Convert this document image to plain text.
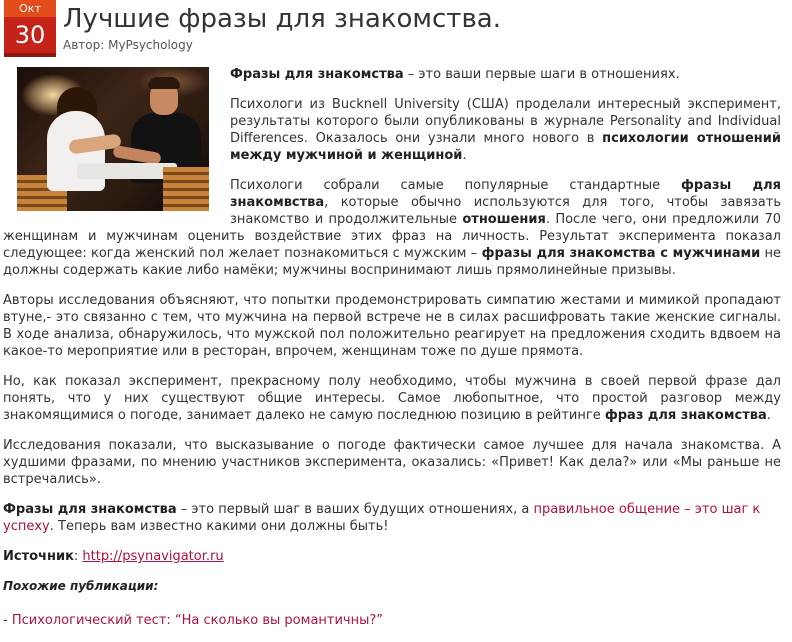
Окт
30
Лучшие фразы для знакомства.
Автор: MyPsychology

Фразы для знакомства – это ваши первые шаги в отношениях.

Психологи из Bucknell University (США) проделали интересный эксперимент, результаты которого были опубликованы в журнале Personality and Individual Differences. Оказалось они узнали много нового в психологии отношений между мужчиной и женщиной.

Психологи собрали самые популярные стандартные фразы для знакомвства, которые обычно используются для того, чтобы завязать знакомство и продолжительные отношения. После чего, они предложили 70 женщинам и мужчинам оценить воздействие этих фраз на личность. Результат эксперимента показал следующее: когда женский пол желает познакомиться с мужским – фразы для знакомства с мужчинами не должны содержать какие либо намёки; мужчины воспринимают лишь прямолинейные призывы.

Авторы исследования объясняют, что попытки продемонстрировать симпатию жестами и мимикой пропадают втуне,- это связанно с тем, что мужчина на первой встрече не в силах расшифровать такие женские сигналы. В ходе анализа, обнаружилось, что мужской пол положительно реагирует на предложения сходить вдвоем на какое-то мероприятие или в ресторан, впрочем, женщинам тоже по душе прямота.

Но, как показал эксперимент, прекрасному полу необходимо, чтобы мужчина в своей первой фразе дал понять, что у них существуют общие интересы. Самое любопытное, что простой разговор между знакомящимися о погоде, занимает далеко не самую последнюю позицию в рейтинге фраз для знакомства.

Исследования показали, что высказывание о погоде фактически самое лучшее для начала знакомства. А худшими фразами, по мнению участников эксперимента, оказались: «Привет! Как дела?» или «Мы раньше не встречались».

Фразы для знакомства – это первый шаг в ваших будущих отношениях, а правильное общение – это шаг к успеху. Теперь вам известно какими они должны быть!

Источник: http://psynavigator.ru

Похожие публикации:

- Психологический тест: “На сколько вы романтичны?”
